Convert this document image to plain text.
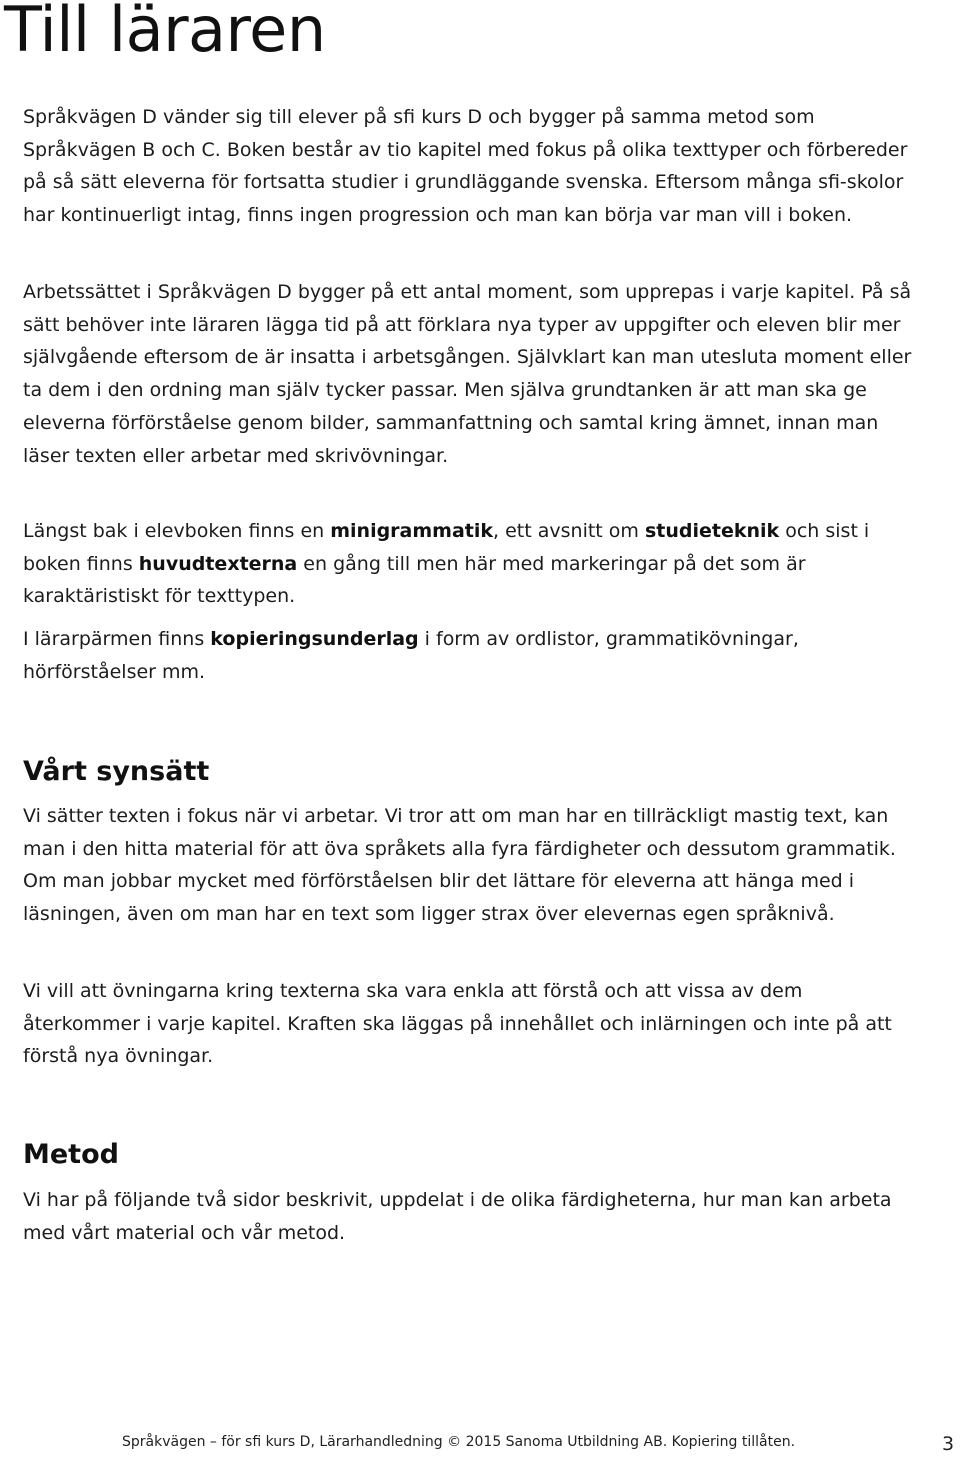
Till läraren

Språkvägen D vänder sig till elever på sfi kurs D och bygger på samma metod som Språkvägen B och C. Boken består av tio kapitel med fokus på olika texttyper och förbereder på så sätt eleverna för fortsatta studier i grundläggande svenska. Eftersom många sfi-skolor har kontinuerligt intag, finns ingen progression och man kan börja var man vill i boken.

Arbetssättet i Språkvägen D bygger på ett antal moment, som upprepas i varje kapitel. På så sätt behöver inte läraren lägga tid på att förklara nya typer av uppgifter och eleven blir mer självgående eftersom de är insatta i arbetsgången. Självklart kan man utesluta moment eller ta dem i den ordning man själv tycker passar. Men själva grundtanken är att man ska ge eleverna förförståelse genom bilder, sammanfattning och samtal kring ämnet, innan man läser texten eller arbetar med skrivövningar.

Längst bak i elevboken finns en minigrammatik, ett avsnitt om studieteknik och sist i boken finns huvudtexterna en gång till men här med markeringar på det som är karaktäristiskt för texttypen.

I lärarpärmen finns kopieringsunderlag i form av ordlistor, grammatikövningar, hörförståelser mm.

Vårt synsätt

Vi sätter texten i fokus när vi arbetar. Vi tror att om man har en tillräckligt mastig text, kan man i den hitta material för att öva språkets alla fyra färdigheter och dessutom grammatik. Om man jobbar mycket med förförståelsen blir det lättare för eleverna att hänga med i läsningen, även om man har en text som ligger strax över elevernas egen språknivå.

Vi vill att övningarna kring texterna ska vara enkla att förstå och att vissa av dem återkommer i varje kapitel. Kraften ska läggas på innehållet och inlärningen och inte på att förstå nya övningar.

Metod

Vi har på följande två sidor beskrivit, uppdelat i de olika färdigheterna, hur man kan arbeta med vårt material och vår metod.

Språkvägen – för sfi kurs D, Lärarhandledning © 2015 Sanoma Utbildning AB. Kopiering tillåten.	3
